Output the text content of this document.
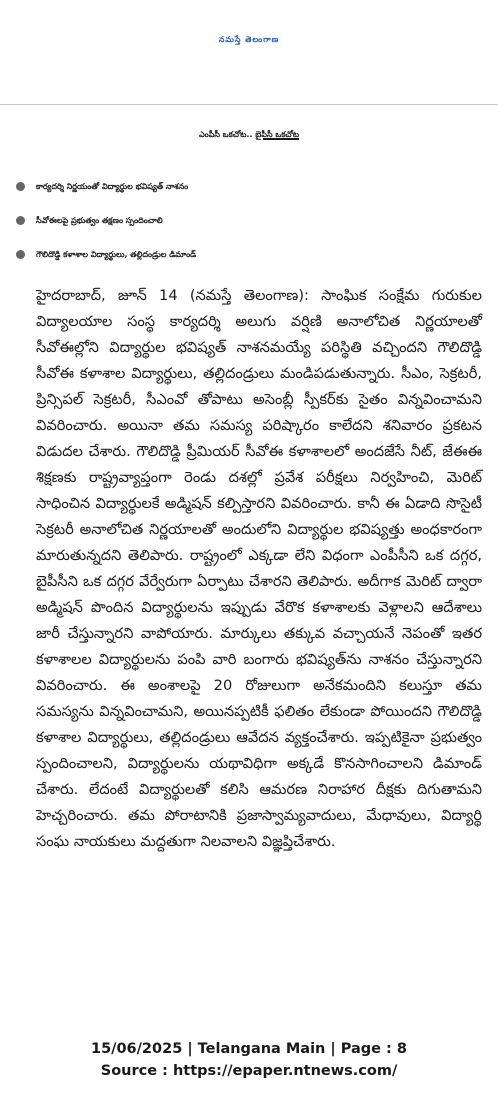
నమస్తే తెలంగాణ
ఎంపీసీ ఒకచోట.. బైపీసీ ఒకచోట
కార్యదర్శి నిర్ణయంతో విద్యార్థుల భవిష్యత్ నాశనం
సీవోఈలపై ప్రభుత్వం తక్షణం స్పందించాలి
గౌలిదొడ్డి కళాశాల విద్యార్థులు, తల్లిదండ్రుల డిమాండ్

హైదరాబాద్, జూన్ 14 (నమస్తే తెలంగాణ): సాంఘిక సంక్షేమ గురుకుల విద్యాలయాల సంస్థ కార్యదర్శి అలుగు వర్షిణి అనాలోచిత నిర్ణయాలతో సీవోఈల్లోని విద్యార్థుల భవిష్యత్ నాశనమయ్యే పరిస్థితి వచ్చిందని గౌలిదొడ్డి సీవోఈ కళాశాల విద్యార్థులు, తల్లిదండ్రులు మండిపడుతున్నారు. సీఎం, సెక్రటరీ, ప్రిన్సిపల్ సెక్రటరీ, సీఎంవో తోపాటు అసెంబ్లీ స్పీకర్‌కు సైతం విన్నవించామని వివరించారు. అయినా తమ సమస్య పరిష్కారం కాలేదని శనివారం ప్రకటన విడుదల చేశారు. గౌలిదొడ్డి ప్రీమియర్ సీవోఈ కళాశాలలో అందజేసే నీట్, జేఈఈ శిక్షణకు రాష్ట్రవ్యాప్తంగా రెండు దశల్లో ప్రవేశ పరీక్షలు నిర్వహించి, మెరిట్ సాధించిన విద్యార్థులకే అడ్మిషన్ కల్పిస్తారని వివరించారు. కానీ ఈ ఏడాది సొసైటీ సెక్రటరీ అనాలోచిత నిర్ణయాలతో అందులోని విద్యార్థుల భవిష్యత్తు అంధకారంగా మారుతున్నదని తెలిపారు. రాష్ట్రంలో ఎక్కడా లేని విధంగా ఎంపీసీని ఒక దగ్గర, బైపీసీని ఒక దగ్గర వేర్వేరుగా ఏర్పాటు చేశారని తెలిపారు. అదీగాక మెరిట్ ద్వారా అడ్మిషన్ పొందిన విద్యార్థులను ఇప్పుడు వేరొక కళాశాలకు వెళ్లాలని ఆదేశాలు జారీ చేస్తున్నారని వాపోయారు. మార్కులు తక్కువ వచ్చాయనే నెపంతో ఇతర కళాశాలల విద్యార్థులను పంపి వారి బంగారు భవిష్యత్‌ను నాశనం చేస్తున్నారని వివరించారు. ఈ అంశాలపై 20 రోజులుగా అనేకమందిని కలుస్తూ తమ సమస్యను విన్నవించామని, అయినప్పటికీ ఫలితం లేకుండా పోయిందని గౌలిదొడ్డి కళాశాల విద్యార్థులు, తల్లిదండ్రులు ఆవేదన వ్యక్తంచేశారు. ఇప్పటికైనా ప్రభుత్వం స్పందించాలని, విద్యార్థులను యథావిధిగా అక్కడే కొనసాగించాలని డిమాండ్ చేశారు. లేదంటే విద్యార్థులతో కలిసి ఆమరణ నిరాహార దీక్షకు దిగుతామని హెచ్చరించారు. తమ పోరాటానికి ప్రజాస్వామ్యవాదులు, మేధావులు, విద్యార్థి సంఘ నాయకులు మద్దతుగా నిలవాలని విజ్ఞప్తిచేశారు.

15/06/2025 | Telangana Main | Page : 8
Source : https://epaper.ntnews.com/
